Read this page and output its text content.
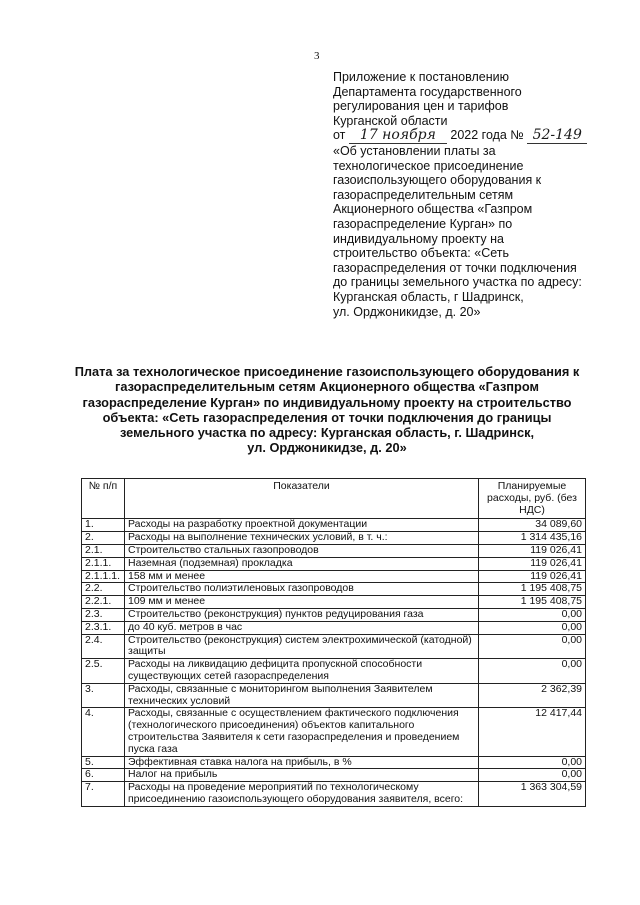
3
Приложение к постановлению
Департамента государственного
регулирования цен и тарифов
Курганской области
от 17 ноября 2022 года № 52-149
«Об установлении платы за
технологическое присоединение
газоиспользующего оборудования к
газораспределительным сетям
Акционерного общества «Газпром
газораспределение Курган» по
индивидуальному проекту на
строительство объекта: «Сеть
газораспределения от точки подключения
до границы земельного участка по адресу:
Курганская область, г Шадринск,
ул. Орджоникидзе, д. 20»
Плата за технологическое присоединение газоиспользующего оборудования к
газораспределительным сетям Акционерного общества «Газпром
газораспределение Курган» по индивидуальному проекту на строительство
объекта: «Сеть газораспределения от точки подключения до границы
земельного участка по адресу: Курганская область, г. Шадринск,
ул. Орджоникидзе, д. 20»
№ п/п	Показатели	Планируемые расходы, руб. (без НДС)
1.	Расходы на разработку проектной документации	34 089,60
2.	Расходы на выполнение технических условий, в т. ч.:	1 314 435,16
2.1.	Строительство стальных газопроводов	119 026,41
2.1.1.	Наземная (подземная) прокладка	119 026,41
2.1.1.1.	158 мм и менее	119 026,41
2.2.	Строительство полиэтиленовых газопроводов	1 195 408,75
2.2.1.	109 мм и менее	1 195 408,75
2.3.	Строительство (реконструкция) пунктов редуцирования газа	0,00
2.3.1.	до 40 куб. метров в час	0,00
2.4.	Строительство (реконструкция) систем электрохимической (катодной) защиты	0,00
2.5.	Расходы на ликвидацию дефицита пропускной способности существующих сетей газораспределения	0,00
3.	Расходы, связанные с мониторингом выполнения Заявителем технических условий	2 362,39
4.	Расходы, связанные с осуществлением фактического подключения (технологического присоединения) объектов капитального строительства Заявителя к сети газораспределения и проведением пуска газа	12 417,44
5.	Эффективная ставка налога на прибыль, в %	0,00
6.	Налог на прибыль	0,00
7.	Расходы на проведение мероприятий по технологическому присоединению газоиспользующего оборудования заявителя, всего:	1 363 304,59
